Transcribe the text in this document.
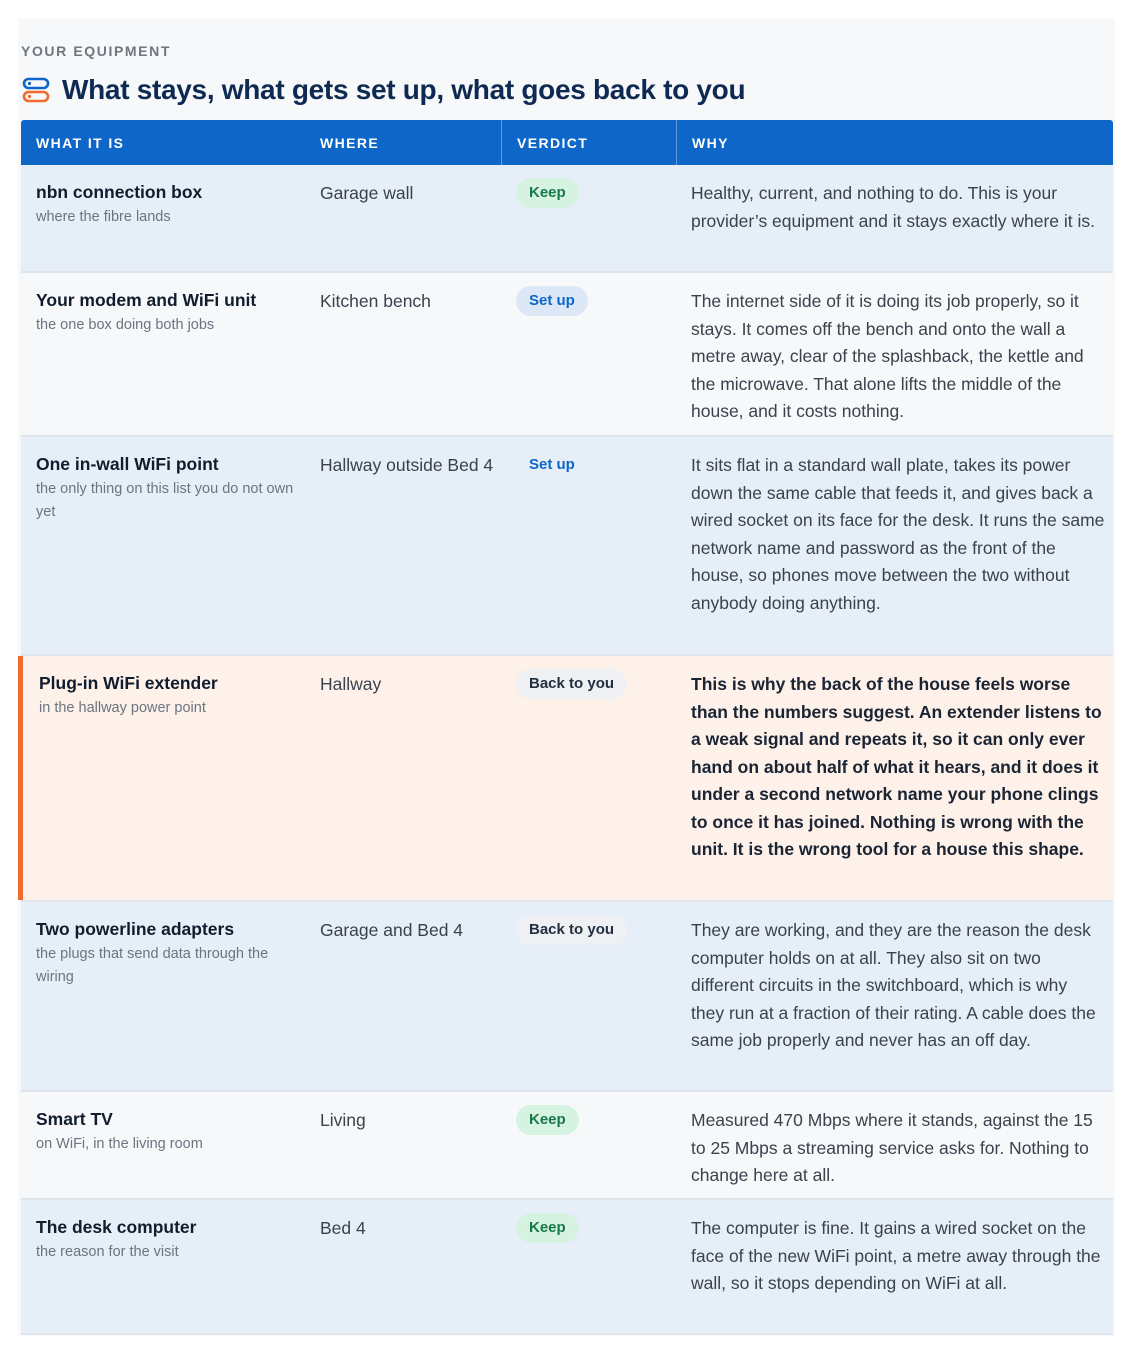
YOUR EQUIPMENT
What stays, what gets set up, what goes back to you
WHAT IT IS	WHERE	VERDICT	WHY
nbn connection box
where the fibre lands
Garage wall	Keep	Healthy, current, and nothing to do. This is your provider’s equipment and it stays exactly where it is.
Your modem and WiFi unit
the one box doing both jobs
Kitchen bench	Set up	The internet side of it is doing its job properly, so it stays. It comes off the bench and onto the wall a metre away, clear of the splashback, the kettle and the microwave. That alone lifts the middle of the house, and it costs nothing.
One in-wall WiFi point
the only thing on this list you do not own yet
Hallway outside Bed 4	Set up	It sits flat in a standard wall plate, takes its power down the same cable that feeds it, and gives back a wired socket on its face for the desk. It runs the same network name and password as the front of the house, so phones move between the two without anybody doing anything.
Plug-in WiFi extender
in the hallway power point
Hallway	Back to you	This is why the back of the house feels worse than the numbers suggest. An extender listens to a weak signal and repeats it, so it can only ever hand on about half of what it hears, and it does it under a second network name your phone clings to once it has joined. Nothing is wrong with the unit. It is the wrong tool for a house this shape.
Two powerline adapters
the plugs that send data through the wiring
Garage and Bed 4	Back to you	They are working, and they are the reason the desk computer holds on at all. They also sit on two different circuits in the switchboard, which is why they run at a fraction of their rating. A cable does the same job properly and never has an off day.
Smart TV
on WiFi, in the living room
Living	Keep	Measured 470 Mbps where it stands, against the 15 to 25 Mbps a streaming service asks for. Nothing to change here at all.
The desk computer
the reason for the visit
Bed 4	Keep	The computer is fine. It gains a wired socket on the face of the new WiFi point, a metre away through the wall, so it stops depending on WiFi at all.
